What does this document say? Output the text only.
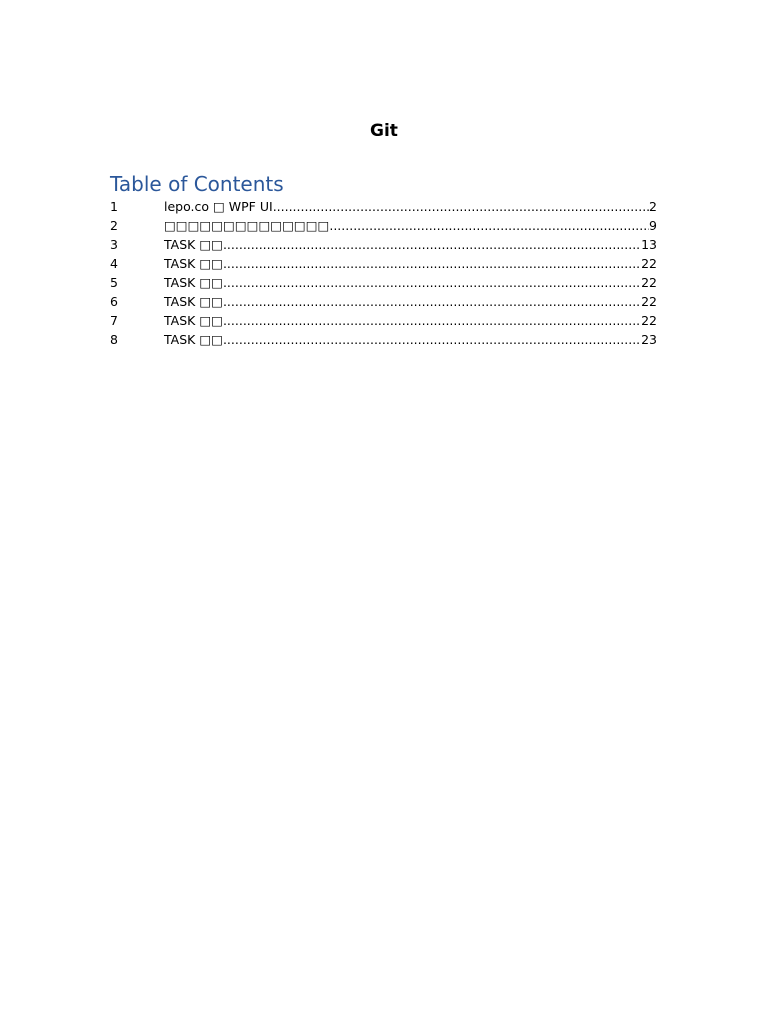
Git
Table of Contents
1	lepo.co □ WPF UI .....	2
2	□□□□□□□□□□□□□□ .....	9
3	TASK □□ .....	13
4	TASK □□ .....	22
5	TASK □□ .....	22
6	TASK □□ .....	22
7	TASK □□ .....	22
8	TASK □□ .....	23
